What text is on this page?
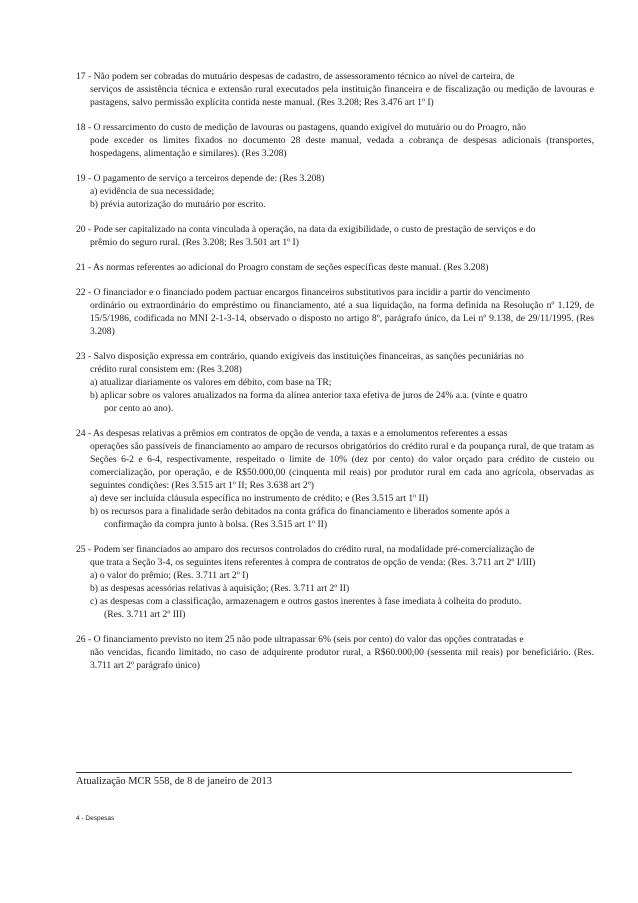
17 - Não podem ser cobradas do mutuário despesas de cadastro, de assessoramento técnico ao nível de carteira, de
serviços de assistência técnica e extensão rural executados pela instituição financeira e de fiscalização ou medição de lavouras e pastagens, salvo permissão explícita contida neste manual. (Res 3.208; Res 3.476 art 1º I)

18 - O ressarcimento do custo de medição de lavouras ou pastagens, quando exigível do mutuário ou do Proagro, não
pode exceder os limites fixados no documento 28 deste manual, vedada a cobrança de despesas adicionais (transportes, hospedagens, alimentação e similares). (Res 3.208)

19 - O pagamento de serviço a terceiros depende de: (Res 3.208)
a) evidência de sua necessidade;
b) prévia autorização do mutuário por escrito.

20 - Pode ser capitalizado na conta vinculada à operação, na data da exigibilidade, o custo de prestação de serviços e do
prêmio do seguro rural. (Res 3.208; Res 3.501 art 1º I)

21 - As normas referentes ao adicional do Proagro constam de seções específicas deste manual. (Res 3.208)

22 - O financiador e o financiado podem pactuar encargos financeiros substitutivos para incidir a partir do vencimento
ordinário ou extraordinário do empréstimo ou financiamento, até a sua liquidação, na forma definida na Resolução nº 1.129, de 15/5/1986, codificada no MNI 2-1-3-14, observado o disposto no artigo 8º, parágrafo único, da Lei nº 9.138, de 29/11/1995. (Res 3.208)

23 - Salvo disposição expressa em contrário, quando exigíveis das instituições financeiras, as sanções pecuniárias no
crédito rural consistem em: (Res 3.208)
a) atualizar diariamente os valores em débito, com base na TR;
b) aplicar sobre os valores atualizados na forma da alínea anterior taxa efetiva de juros de 24% a.a. (vinte e quatro
por cento ao ano).

24 - As despesas relativas a prêmios em contratos de opção de venda, a taxas e a emolumentos referentes a essas
operações são passíveis de financiamento ao amparo de recursos obrigatórios do crédito rural e da poupança rural, de que tratam as Seções 6-2 e 6-4, respectivamente, respeitado o limite de 10% (dez por cento) do valor orçado para crédito de custeio ou comercialização, por operação, e de R$50.000,00 (cinquenta mil reais) por produtor rural em cada ano agrícola, observadas as seguintes condições: (Res 3.515 art 1º II; Res 3.638 art 2º)
a) deve ser incluída cláusula específica no instrumento de crédito; e (Res 3.515 art 1º II)
b) os recursos para a finalidade serão debitados na conta gráfica do financiamento e liberados somente após a
confirmação da compra junto à bolsa. (Res 3.515 art 1º II)

25 - Podem ser financiados ao amparo dos recursos controlados do crédito rural, na modalidade pré-comercialização de
que trata a Seção 3-4, os seguintes itens referentes à compra de contratos de opção de venda: (Res. 3.711 art 2º I/III)
a) o valor do prêmio; (Res. 3.711 art 2º I)
b) as despesas acessórias relativas à aquisição; (Res. 3.711 art 2º II)
c) as despesas com a classificação, armazenagem e outros gastos inerentes à fase imediata à colheita do produto.
(Res. 3.711 art 2º III)

26 - O financiamento previsto no item 25 não pode ultrapassar 6% (seis por cento) do valor das opções contratadas e
não vencidas, ficando limitado, no caso de adquirente produtor rural, a R$60.000,00 (sessenta mil reais) por beneficiário. (Res. 3.711 art 2º parágrafo único)

Atualização MCR 558, de 8 de janeiro de 2013
4 - Despesas
